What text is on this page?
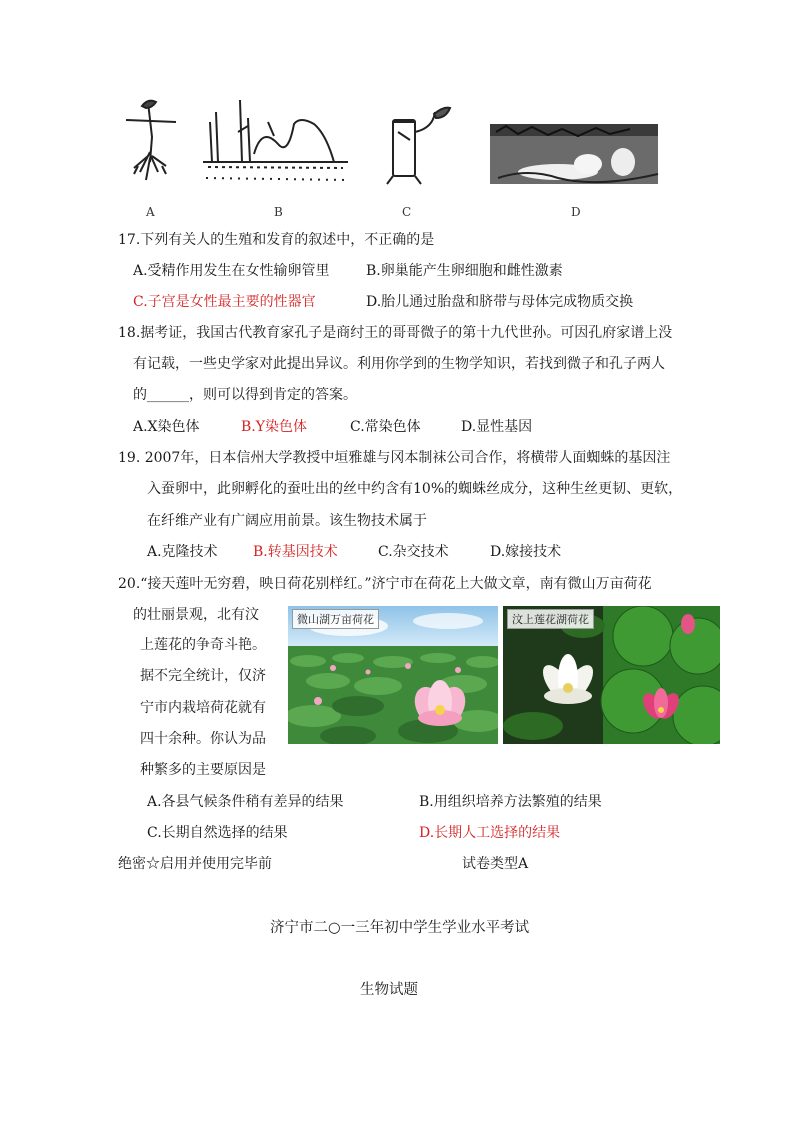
A	B	C	D
17.下列有关人的生殖和发育的叙述中，不正确的是
A.受精作用发生在女性输卵管里	B.卵巢能产生卵细胞和雌性激素
C.子宫是女性最主要的性器官	D.胎儿通过胎盘和脐带与母体完成物质交换
18.据考证，我国古代教育家孔子是商纣王的哥哥微子的第十九代世孙。可因孔府家谱上没
有记载，一些史学家对此提出异议。利用你学到的生物学知识，若找到微子和孔子两人
的______，则可以得到肯定的答案。
A.X染色体	B.Y染色体	C.常染色体	D.显性基因
19. 2007年，日本信州大学教授中垣雅雄与冈本制袜公司合作，将横带人面蜘蛛的基因注
入蚕卵中，此卵孵化的蚕吐出的丝中约含有10%的蜘蛛丝成分，这种生丝更韧、更软，
在纤维产业有广阔应用前景。该生物技术属于
A.克隆技术	B.转基因技术	C.杂交技术	D.嫁接技术
20.“接天莲叶无穷碧，映日荷花别样红。”济宁市在荷花上大做文章，南有微山万亩荷花
的壮丽景观，北有汶
上莲花的争奇斗艳。
据不完全统计，仅济
宁市内栽培荷花就有
四十余种。你认为品
种繁多的主要原因是
微山湖万亩荷花	汶上莲花湖荷花
A.各县气候条件稍有差异的结果	B.用组织培养方法繁殖的结果
C.长期自然选择的结果	D.长期人工选择的结果
绝密☆启用并使用完毕前	试卷类型A
济宁市二○一三年初中学生学业水平考试
生物试题
